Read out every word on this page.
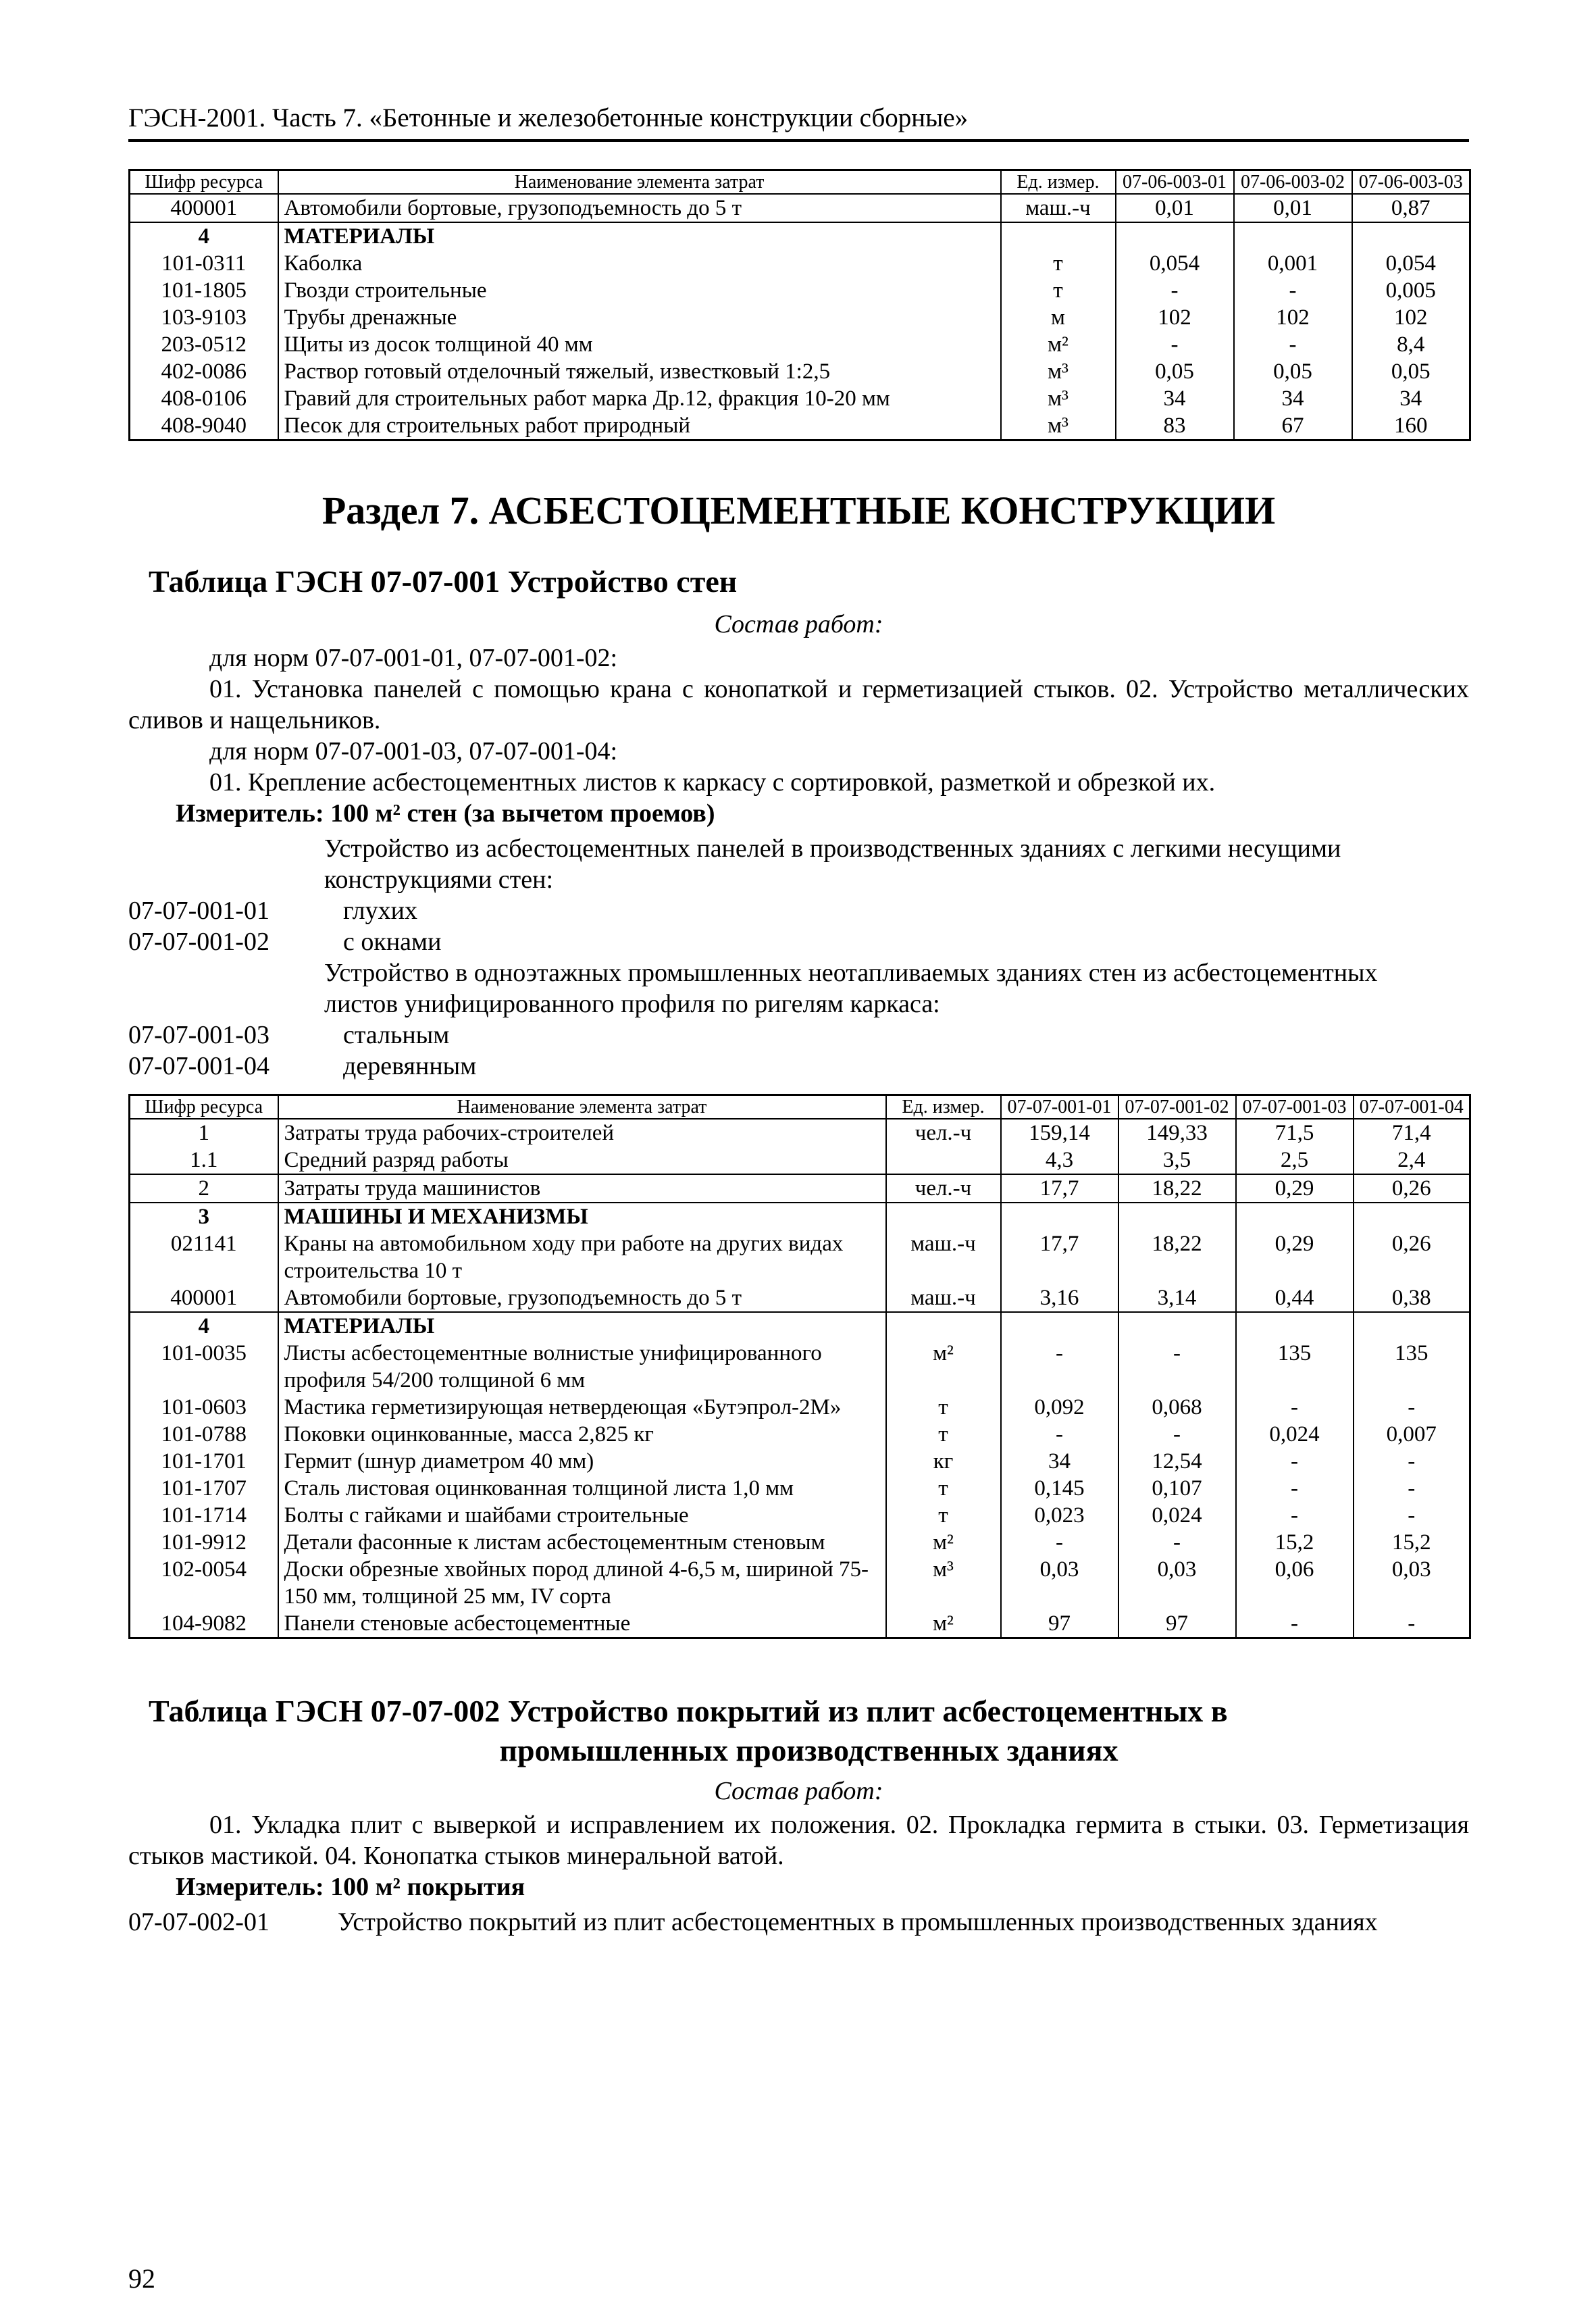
ГЭСН-2001. Часть 7. «Бетонные и железобетонные конструкции сборные»
Шифр ресурса	Наименование элемента затрат	Ед. измер.	07-06-003-01	07-06-003-02	07-06-003-03
400001	Автомобили бортовые, грузоподъемность до 5 т	маш.-ч	0,01	0,01	0,87
4	МАТЕРИАЛЫ				
101-0311	Каболка	т	0,054	0,001	0,054
101-1805	Гвозди строительные	т	-	-	0,005
103-9103	Трубы дренажные	м	102	102	102
203-0512	Щиты из досок толщиной 40 мм	м²	-	-	8,4
402-0086	Раствор готовый отделочный тяжелый, известковый 1:2,5	м³	0,05	0,05	0,05
408-0106	Гравий для строительных работ марка Др.12, фракция 10-20 мм	м³	34	34	34
408-9040	Песок для строительных работ природный	м³	83	67	160
Раздел 7. АСБЕСТОЦЕМЕНТНЫЕ КОНСТРУКЦИИ
Таблица ГЭСН 07-07-001 Устройство стен
Состав работ:

для норм 07-07-001-01, 07-07-001-02:

01. Установка панелей с помощью крана с конопаткой и герметизацией стыков. 02. Устройство металлических сливов и нащельников.

для норм 07-07-001-03, 07-07-001-04:

01. Крепление асбестоцементных листов к каркасу с сортировкой, разметкой и обрезкой их.

Измеритель: 100 м² стен (за вычетом проемов)

Устройство из асбестоцементных панелей в производственных зданиях с легкими несущими конструкциями стен:
07-07-001-01	глухих
07-07-001-02	с окнами
Устройство в одноэтажных промышленных неотапливаемых зданиях стен из асбестоцементных листов унифицированного профиля по ригелям каркаса:
07-07-001-03	стальным
07-07-001-04	деревянным
Шифр ресурса	Наименование элемента затрат	Ед. измер.	07-07-001-01	07-07-001-02	07-07-001-03	07-07-001-04
1	Затраты труда рабочих-строителей	чел.-ч	159,14	149,33	71,5	71,4
1.1	Средний разряд работы		4,3	3,5	2,5	2,4
2	Затраты труда машинистов	чел.-ч	17,7	18,22	0,29	0,26
3	МАШИНЫ И МЕХАНИЗМЫ					
021141	Краны на автомобильном ходу при работе на других видах строительства 10 т	маш.-ч	17,7	18,22	0,29	0,26
400001	Автомобили бортовые, грузоподъемность до 5 т	маш.-ч	3,16	3,14	0,44	0,38
4	МАТЕРИАЛЫ					
101-0035	Листы асбестоцементные волнистые унифицированного профиля 54/200 толщиной 6 мм	м²	-	-	135	135
101-0603	Мастика герметизирующая нетвердеющая «Бутэпрол-2М»	т	0,092	0,068	-	-
101-0788	Поковки оцинкованные, масса 2,825 кг	т	-	-	0,024	0,007
101-1701	Гермит (шнур диаметром 40 мм)	кг	34	12,54	-	-
101-1707	Сталь листовая оцинкованная толщиной листа 1,0 мм	т	0,145	0,107	-	-
101-1714	Болты с гайками и шайбами строительные	т	0,023	0,024	-	-
101-9912	Детали фасонные к листам асбестоцементным стеновым	м²	-	-	15,2	15,2
102-0054	Доски обрезные хвойных пород длиной 4-6,5 м, шириной 75-150 мм, толщиной 25 мм, IV сорта	м³	0,03	0,03	0,06	0,03
104-9082	Панели стеновые асбестоцементные	м²	97	97	-	-
Таблица ГЭСН 07-07-002 Устройство покрытий из плит асбестоцементных в
промышленных производственных зданиях
Состав работ:

01. Укладка плит с выверкой и исправлением их положения. 02. Прокладка гермита в стыки. 03. Герметизация стыков мастикой. 04. Конопатка стыков минеральной ватой.

Измеритель: 100 м² покрытия

07-07-002-01	Устройство покрытий из плит асбестоцементных в промышленных производственных зданиях
92
